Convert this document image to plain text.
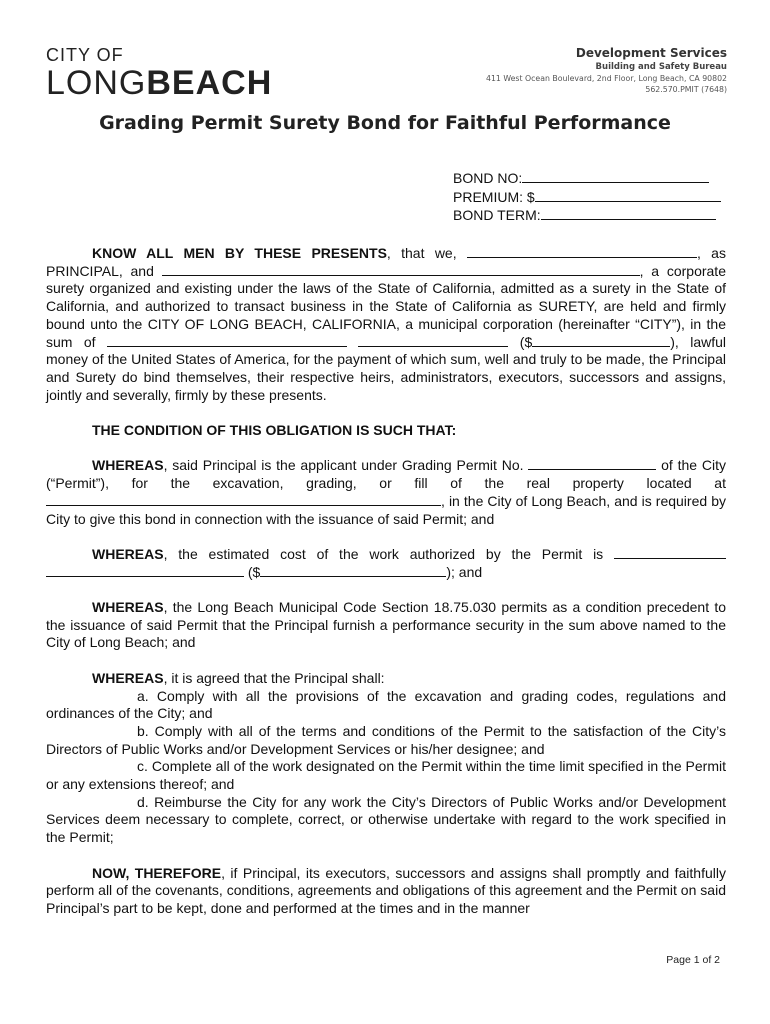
CITY OF
LONGBEACH
Development Services
Building and Safety Bureau
411 West Ocean Boulevard, 2nd Floor, Long Beach, CA 90802
562.570.PMIT (7648)
Grading Permit Surety Bond for Faithful Performance
BOND NO:
PREMIUM: $
BOND TERM:

KNOW ALL MEN BY THESE PRESENTS, that we,	, as PRINCIPAL, and	, a corporate surety organized and existing under the laws of the State of California, admitted as a surety in the State of California, and authorized to transact business in the State of California as SURETY, are held and firmly bound unto the CITY OF LONG BEACH, CALIFORNIA, a municipal corporation (hereinafter “CITY”), in the sum of	($	), lawful money of the United States of America, for the payment of which sum, well and truly to be made, the Principal and Surety do bind themselves, their respective heirs, administrators, executors, successors and assigns, jointly and severally, firmly by these presents.

THE CONDITION OF THIS OBLIGATION IS SUCH THAT:

WHEREAS, said Principal is the applicant under Grading Permit No.	of the City (“Permit”), for the excavation, grading, or fill of the real property located at , in the City of Long Beach, and is required by City to give this bond in connection with the issuance of said Permit; and

WHEREAS, the estimated cost of the work authorized by the Permit is   ($	); and

WHEREAS, the Long Beach Municipal Code Section 18.75.030 permits as a condition precedent to the issuance of said Permit that the Principal furnish a performance security in the sum above named to the City of Long Beach; and

WHEREAS, it is agreed that the Principal shall:

a. Comply with all the provisions of the excavation and grading codes, regulations and ordinances of the City; and

b. Comply with all of the terms and conditions of the Permit to the satisfaction of the City’s Directors of Public Works and/or Development Services or his/her designee; and

c. Complete all of the work designated on the Permit within the time limit specified in the Permit or any extensions thereof; and

d. Reimburse the City for any work the City’s Directors of Public Works and/or Development Services deem necessary to complete, correct, or otherwise undertake with regard to the work specified in the Permit;

NOW, THEREFORE, if Principal, its executors, successors and assigns shall promptly and faithfully perform all of the covenants, conditions, agreements and obligations of this agreement and the Permit on said Principal’s part to be kept, done and performed at the times and in the manner

Page 1 of 2
